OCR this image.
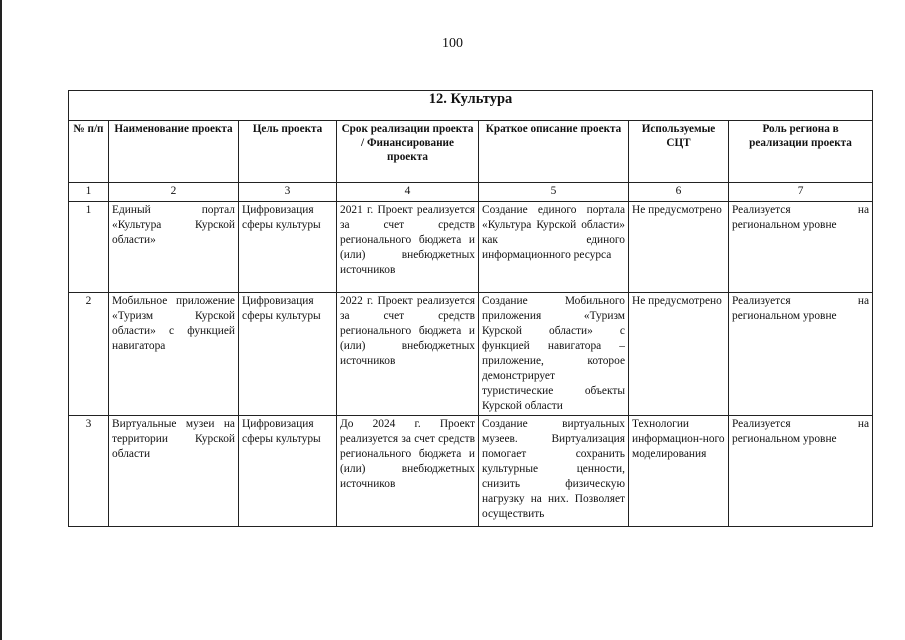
100
12. Культура						
№ п/п	Наименование проекта	Цель проекта	Срок реализации проекта / Финансирование проекта	Краткое описание проекта	Используемые СЦТ	Роль региона в реализации проекта
1	2	3	4	5	6	7
1	Единый портал «Культура Курской области»	Цифровизация сферы культуры	2021 г. Проект реализуется за счет средств регионального бюджета и (или) внебюджетных источников	Создание единого портала «Культура Курской области» как единого информационного ресурса	Не предусмотрено	Реализуется на региональном уровне
2	Мобильное приложение «Туризм Курской области» с функцией навигатора	Цифровизация сферы культуры	2022 г. Проект реализуется за счет средств регионального бюджета и (или) внебюджетных источников	Создание Мобильного приложения «Туризм Курской области» с функцией навигатора – приложение, которое демонстрирует туристические объекты Курской области	Не предусмотрено	Реализуется на региональном уровне
3	Виртуальные музеи на территории Курской области	Цифровизация сферы культуры	До 2024 г. Проект реализуется за счет средств регионального бюджета и (или) внебюджетных источников	Создание виртуальных музеев. Виртуализация помогает сохранить культурные ценности, снизить физическую нагрузку на них. Позволяет осуществить	Технологии информацион-ного моделирования	Реализуется на региональном уровне
